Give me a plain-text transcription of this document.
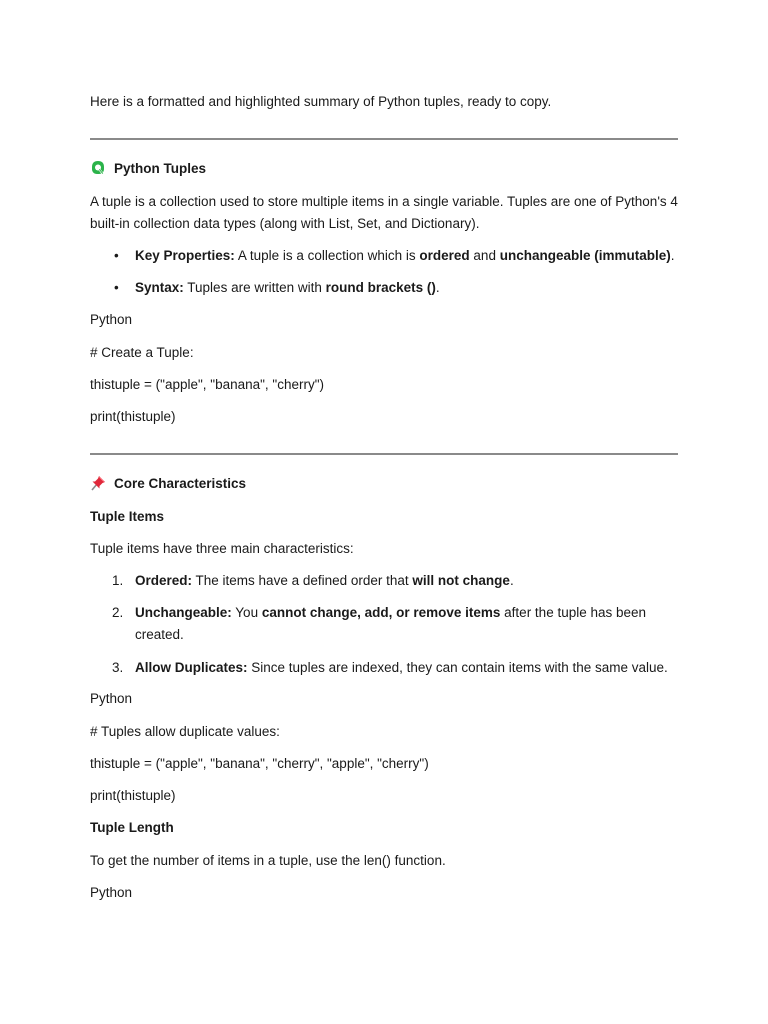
Here is a formatted and highlighted summary of Python tuples, ready to copy.
Python Tuples
A tuple is a collection used to store multiple items in a single variable. Tuples are one of Python's 4 built-in collection data types (along with List, Set, and Dictionary).
• Key Properties: A tuple is a collection which is ordered and unchangeable (immutable).
• Syntax: Tuples are written with round brackets ().
Python
# Create a Tuple:
thistuple = ("apple", "banana", "cherry")
print(thistuple)
Core Characteristics
Tuple Items
Tuple items have three main characteristics:
1. Ordered: The items have a defined order that will not change.
2. Unchangeable: You cannot change, add, or remove items after the tuple has been created.
3. Allow Duplicates: Since tuples are indexed, they can contain items with the same value.
Python
# Tuples allow duplicate values:
thistuple = ("apple", "banana", "cherry", "apple", "cherry")
print(thistuple)
Tuple Length
To get the number of items in a tuple, use the len() function.
Python
